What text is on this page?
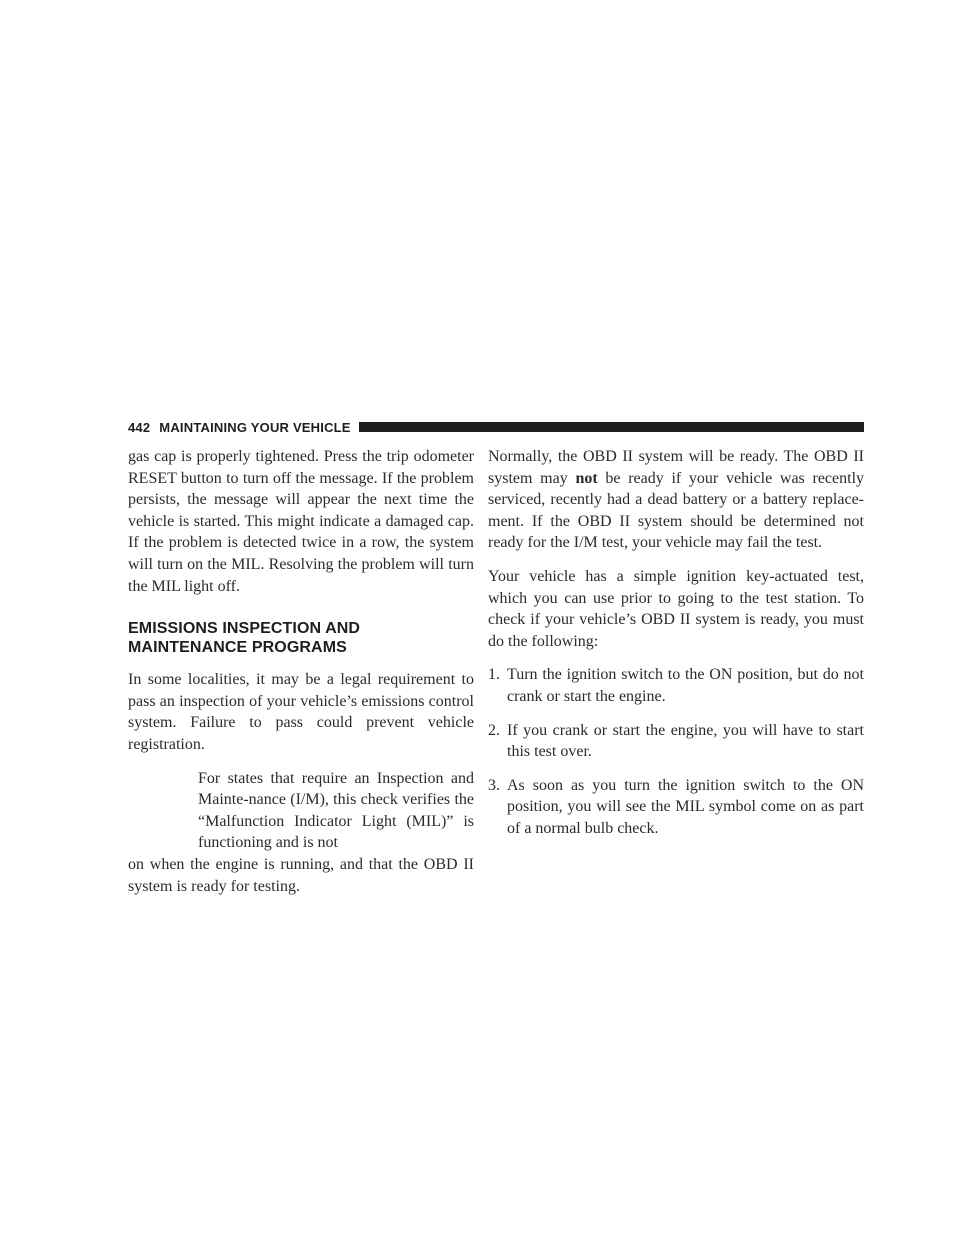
442 MAINTAINING YOUR VEHICLE

gas cap is properly tightened. Press the trip odometer RESET button to turn off the message. If the problem persists, the message will appear the next time the vehicle is started. This might indicate a damaged cap. If the problem is detected twice in a row, the system will turn on the MIL. Resolving the problem will turn the MIL light off.

EMISSIONS INSPECTION AND MAINTENANCE PROGRAMS

In some localities, it may be a legal requirement to pass an inspection of your vehicle’s emissions control system. Failure to pass could prevent vehicle registration.

For states that require an Inspection and Mainte-nance (I/M), this check verifies the “Malfunction Indicator Light (MIL)” is functioning and is not
on when the engine is running, and that the OBD II system is ready for testing.

Normally, the OBD II system will be ready. The OBD II system may not be ready if your vehicle was recently serviced, recently had a dead battery or a battery replace-ment. If the OBD II system should be determined not ready for the I/M test, your vehicle may fail the test.

Your vehicle has a simple ignition key-actuated test, which you can use prior to going to the test station. To check if your vehicle’s OBD II system is ready, you must do the following:

1. Turn the ignition switch to the ON position, but do not crank or start the engine.
2. If you crank or start the engine, you will have to start this test over.
3. As soon as you turn the ignition switch to the ON position, you will see the MIL symbol come on as part of a normal bulb check.
